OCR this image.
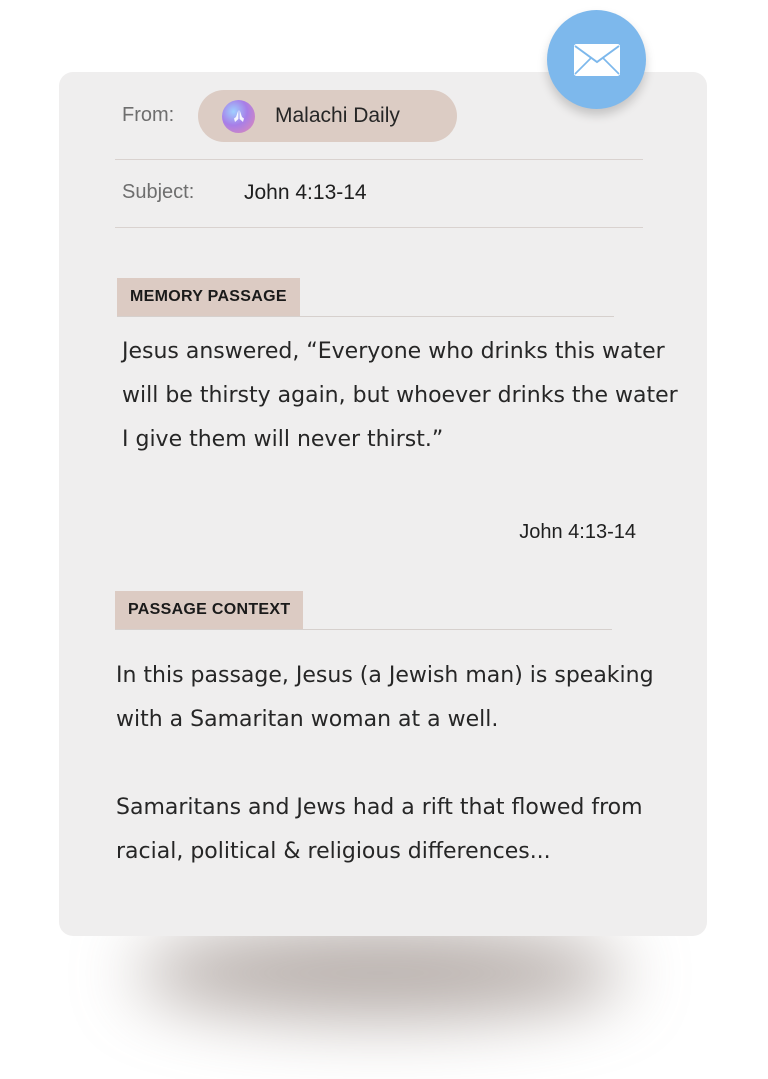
From:	Malachi Daily
Subject: John 4:13-14
MEMORY PASSAGE
Jesus answered, “Everyone who drinks this water will be thirsty again, but whoever drinks the water I give them will never thirst.”
John 4:13-14
PASSAGE CONTEXT

In this passage, Jesus (a Jewish man) is speaking with a Samaritan woman at a well.

Samaritans and Jews had a rift that flowed from racial, political & religious differences...
